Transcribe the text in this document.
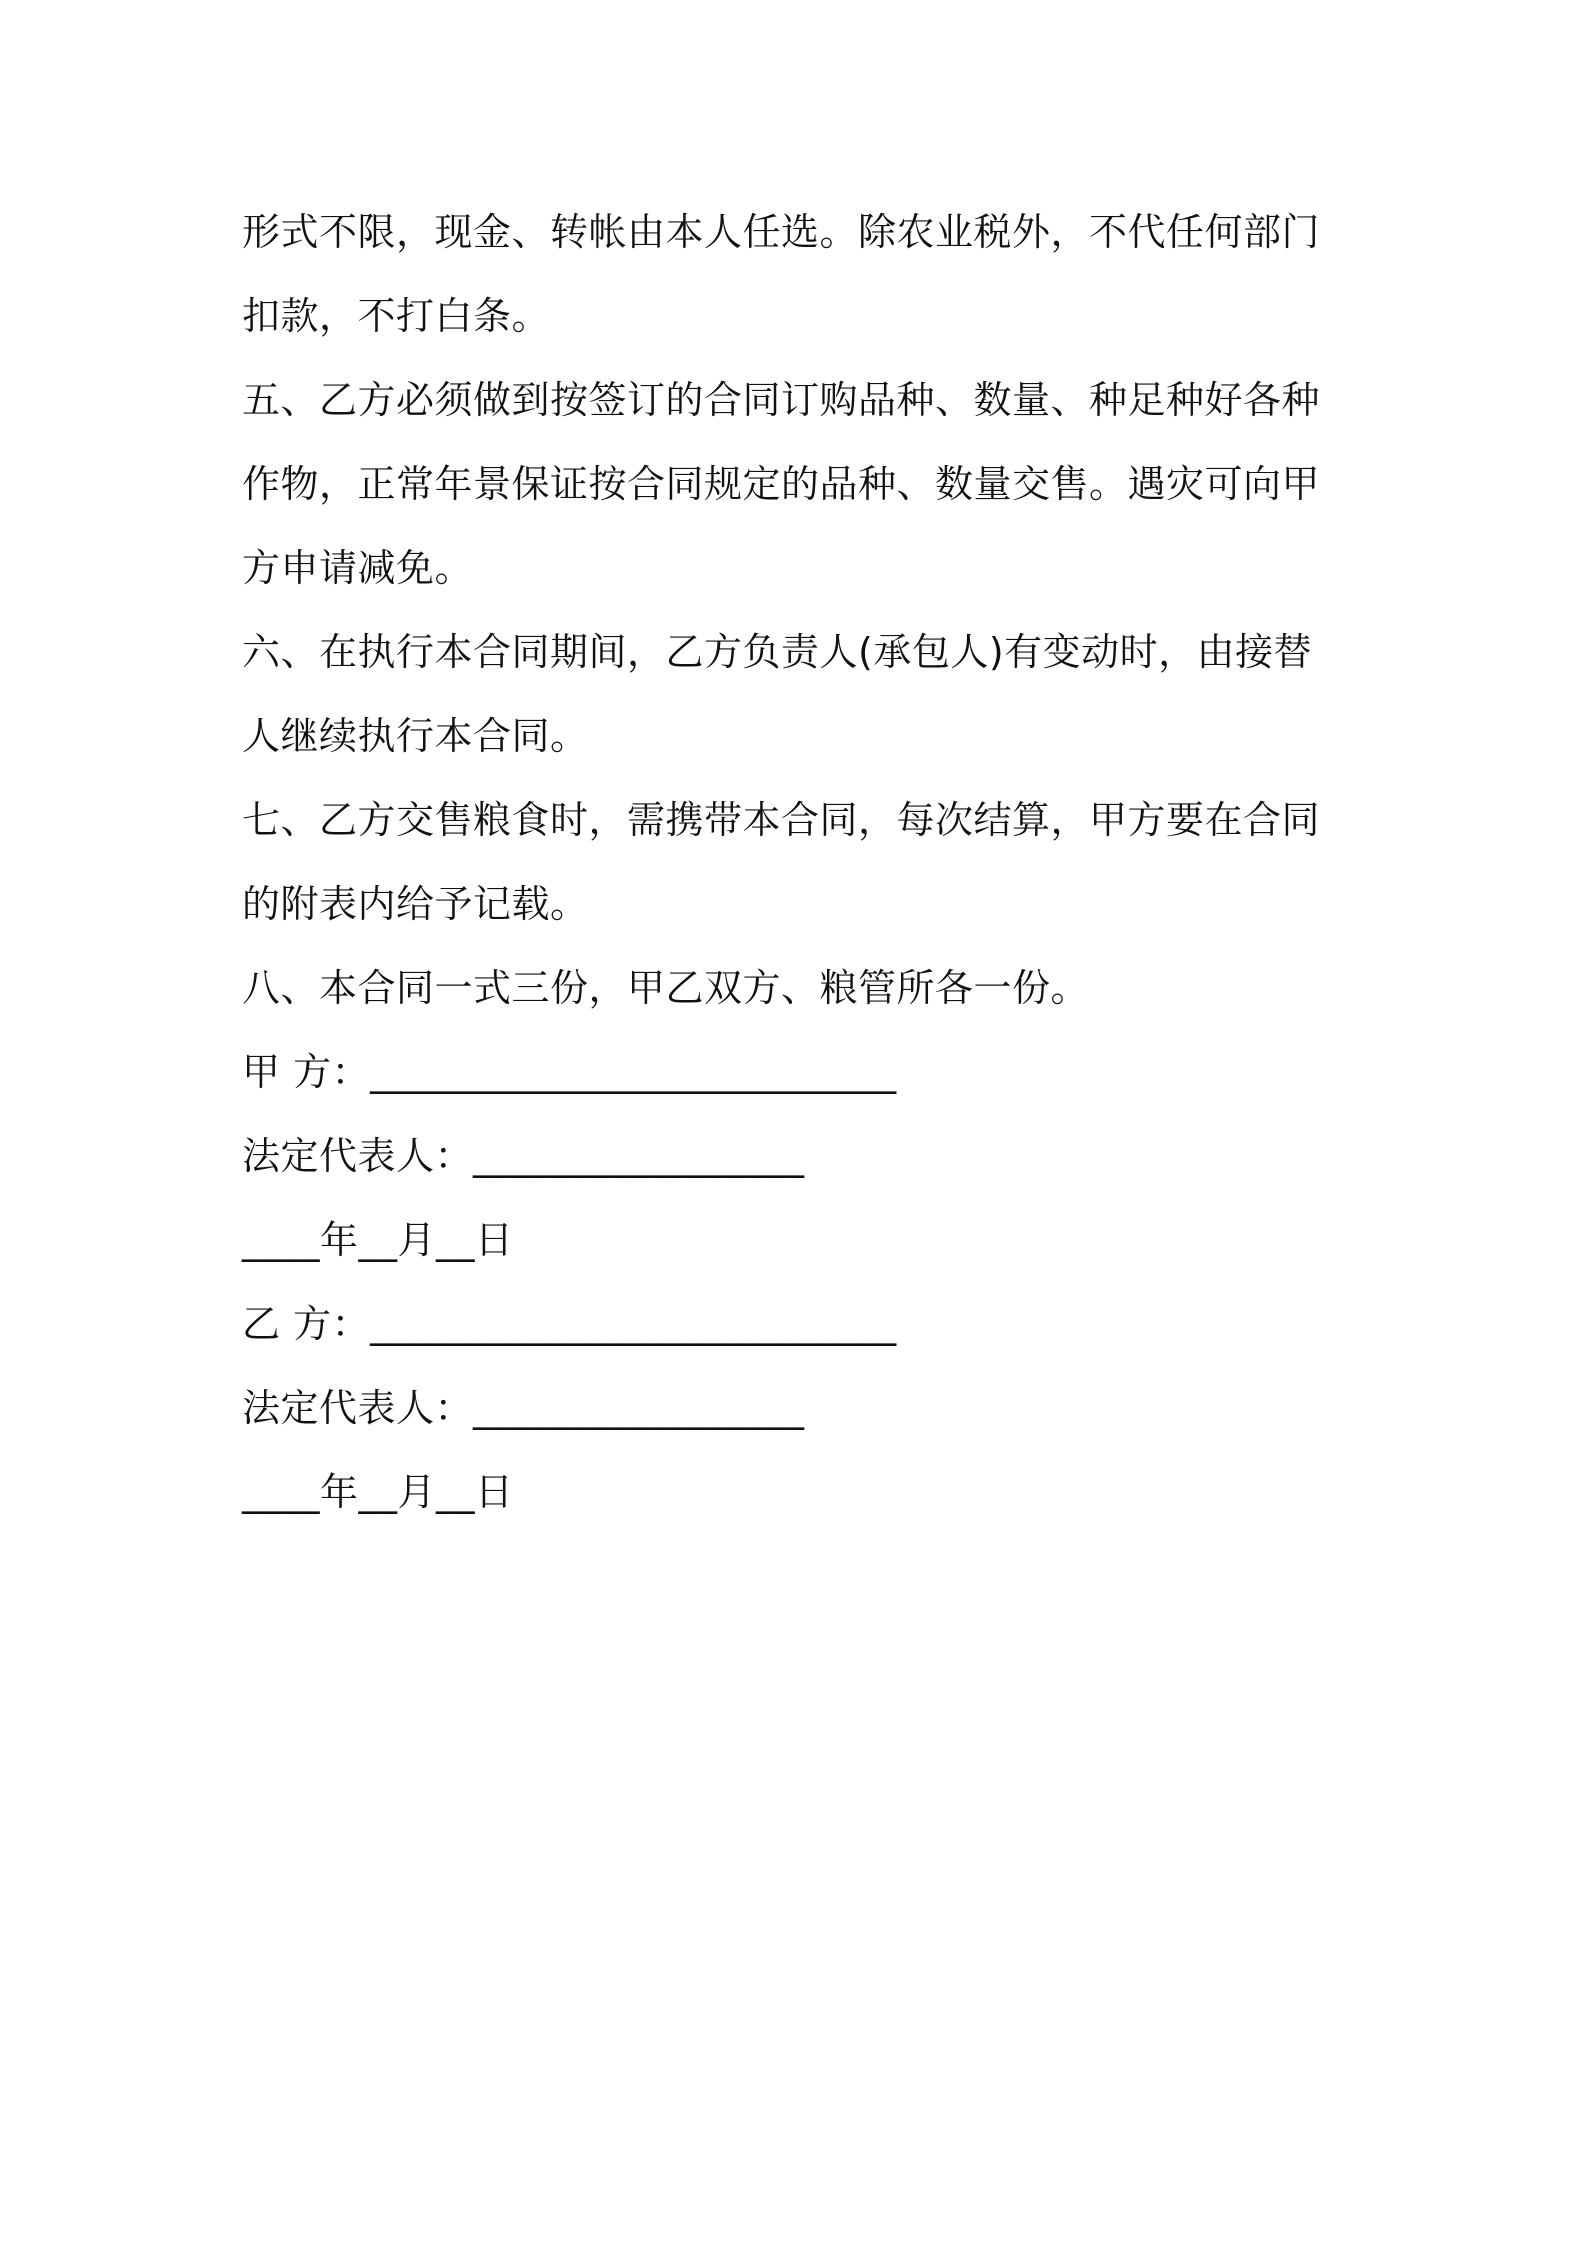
形式不限，现金、转帐由本人任选。除农业税外，不代任何部门
扣款，不打白条。
五、乙方必须做到按签订的合同订购品种、数量、种足种好各种
作物，正常年景保证按合同规定的品种、数量交售。遇灾可向甲
方申请减免。
六、在执行本合同期间，乙方负责人(承包人)有变动时，由接替
人继续执行本合同。
七、乙方交售粮食时，需携带本合同，每次结算，甲方要在合同
的附表内给予记载。
八、本合同一式三份，甲乙双方、粮管所各一份。
甲 方：___________________________
法定代表人：_________________
____年__月__日
乙 方：___________________________
法定代表人：_________________
____年__月__日
